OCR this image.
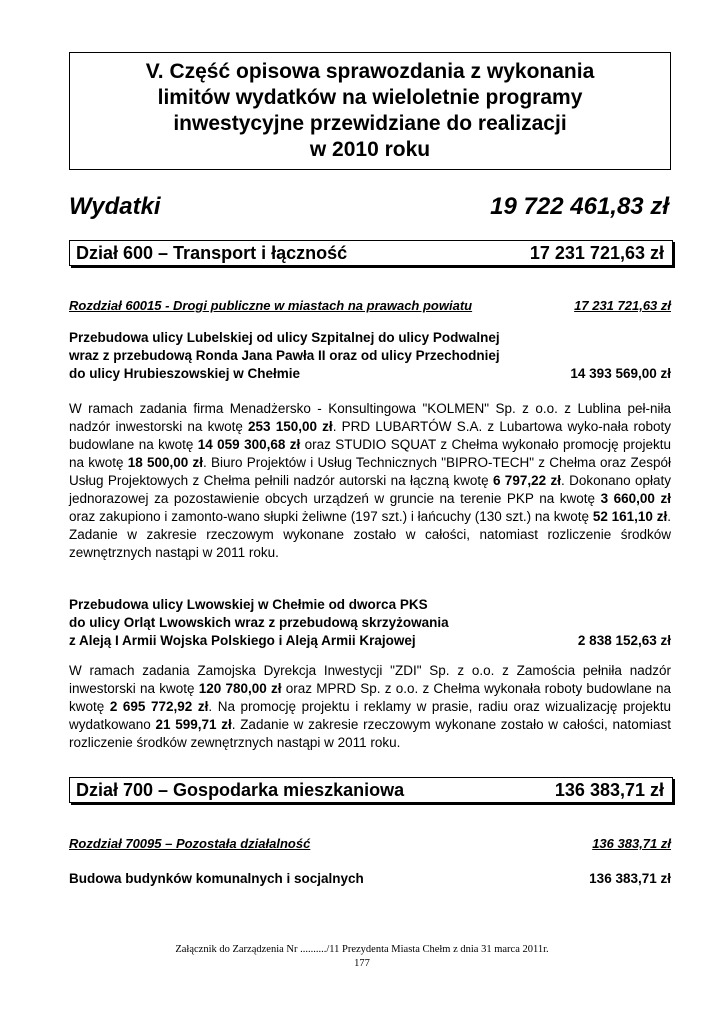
V. Część opisowa sprawozdania z wykonania
limitów wydatków na wieloletnie programy
inwestycyjne przewidziane do realizacji
w 2010 roku
Wydatki	19 722 461,83 zł
Dział 600 – Transport i łączność	17 231 721,63 zł
Rozdział 60015 - Drogi publiczne w miastach na prawach powiatu	17 231 721,63 zł
Przebudowa ulicy Lubelskiej od ulicy Szpitalnej do ulicy Podwalnej
wraz z przebudową Ronda Jana Pawła II oraz od ulicy Przechodniej
do ulicy Hrubieszowskiej w Chełmie	14 393 569,00 zł
W ramach zadania firma Menadżersko - Konsultingowa "KOLMEN" Sp. z o.o. z Lublina peł-niła nadzór inwestorski na kwotę 253 150,00 zł. PRD LUBARTÓW S.A. z Lubartowa wyko-nała roboty budowlane na kwotę 14 059 300,68 zł oraz STUDIO SQUAT z Chełma wykonało promocję projektu na kwotę 18 500,00 zł. Biuro Projektów i Usług Technicznych "BIPRO-TECH" z Chełma oraz Zespół Usług Projektowych z Chełma pełnili nadzór autorski na łączną kwotę 6 797,22 zł. Dokonano opłaty jednorazowej za pozostawienie obcych urządzeń w gruncie na terenie PKP na kwotę 3 660,00 zł oraz zakupiono i zamonto-wano słupki żeliwne (197 szt.) i łańcuchy (130 szt.) na kwotę 52 161,10 zł. Zadanie w zakresie rzeczowym wykonane zostało w całości, natomiast rozliczenie środków zewnętrznych nastąpi w 2011 roku.
Przebudowa ulicy Lwowskiej w Chełmie od dworca PKS
do ulicy Orląt Lwowskich wraz z przebudową skrzyżowania
z Aleją I Armii Wojska Polskiego i Aleją Armii Krajowej	2 838 152,63 zł
W ramach zadania Zamojska Dyrekcja Inwestycji "ZDI" Sp. z o.o. z Zamościa pełniła nadzór inwestorski na kwotę 120 780,00 zł oraz MPRD Sp. z o.o. z Chełma wykonała roboty budowlane na kwotę 2 695 772,92 zł. Na promocję projektu i reklamy w prasie, radiu oraz wizualizację projektu wydatkowano 21 599,71 zł. Zadanie w zakresie rzeczowym wykonane zostało w całości, natomiast rozliczenie środków zewnętrznych nastąpi w 2011 roku.
Dział 700 – Gospodarka mieszkaniowa	136 383,71 zł
Rozdział 70095 – Pozostała działalność	136 383,71 zł
Budowa budynków komunalnych i socjalnych	136 383,71 zł
Załącznik do Zarządzenia Nr ........../11 Prezydenta Miasta Chełm z dnia 31 marca 2011r.
177
